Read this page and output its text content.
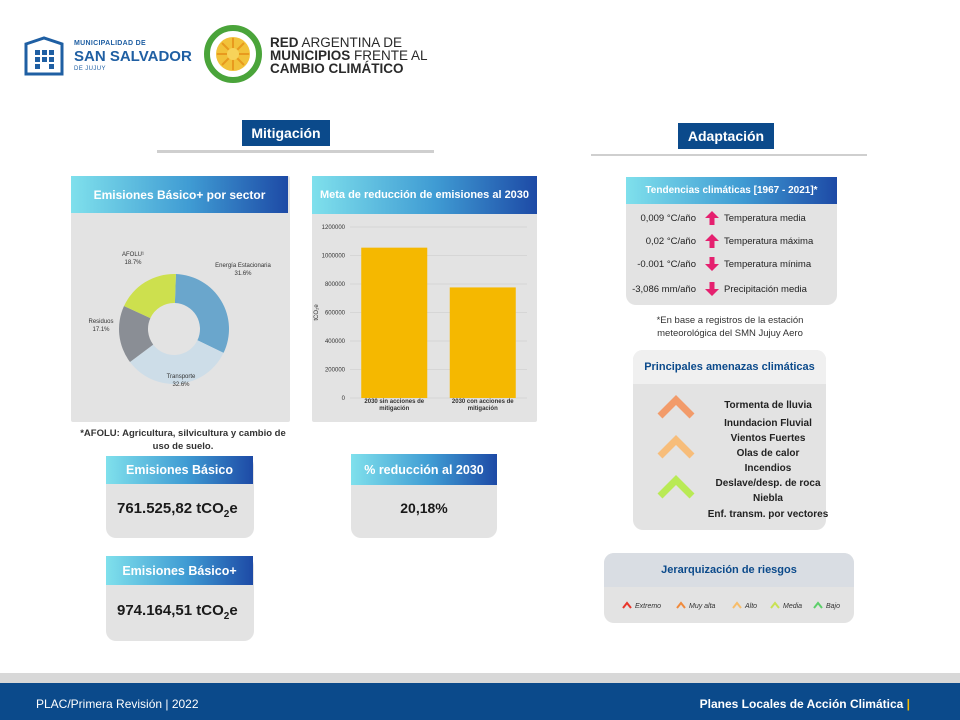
MUNICIPALIDAD DE
SAN SALVADOR
DE JUJUY
RED ARGENTINA DE
MUNICIPIOS FRENTE AL
CAMBIO CLIMÁTICO
Mitigación
Emisiones Básico+ por sector
Energía Estacionaria
31.6%
Transporte
32.6%
Residuos
17.1%
AFOLU¹
18.7%
*AFOLU: Agricultura, silvicultura y cambio de uso de suelo.
Meta de reducción de emisiones al 2030
0
200000
400000
600000
800000
1000000
1200000
tCO₂e
2030 sin acciones de
mitigación
2030 con acciones de
mitigación
Emisiones Básico
761.525,82 tCO$_2$e
Emisiones Básico+
974.164,51 tCO$_2$e
% reducción al 2030
20,18%
Adaptación
Tendencias climáticas [1967 - 2021]*
0,009 °C/año	Temperatura media
0,02 °C/año	Temperatura máxima
-0.001 °C/año	Temperatura mínima
-3,086 mm/año	Precipitación media
*En base a registros de la estación
meteorológica del SMN Jujuy Aero
Principales amenazas climáticas
Tormenta de lluvia
Inundacion Fluvial
Vientos Fuertes
Olas de calor
Incendios
Deslave/desp. de roca
Niebla
Enf. transm. por vectores
Jerarquización de riesgos
Extremo	Muy alta	Alto	Media	Bajo
PLAC/Primera Revisión | 2022	Planes Locales de Acción Climática |
